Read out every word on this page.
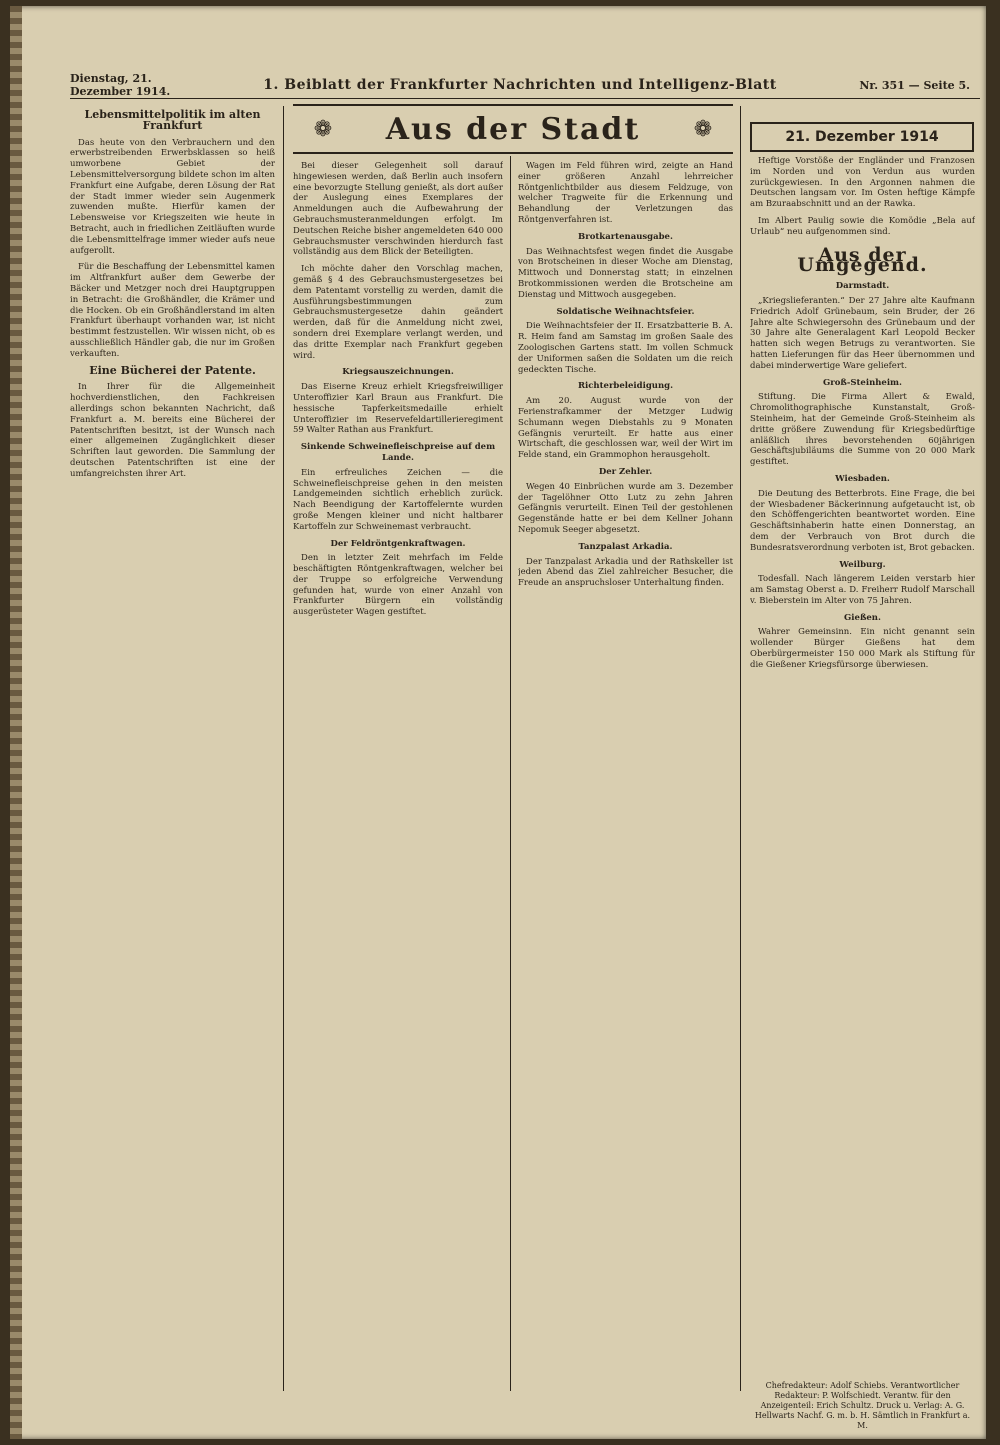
Dienstag, 21. Dezember 1914.	1. Beiblatt der Frankfurter Nachrichten und Intelligenz-Blatt	Nr. 351 — Seite 5.
❁	Aus der Stadt	❁	21. Dezember 1914
Lebensmittelpolitik im alten Frankfurt

Das heute von den Verbrauchern und den erwerbstreibenden Erwerbsklassen so heiß umworbene Gebiet der Lebensmittelversorgung bildete schon im alten Frankfurt eine Aufgabe, deren Lösung der Rat der Stadt immer wieder sein Augenmerk zuwenden mußte. Hierfür kamen der Lebensweise vor Kriegszeiten wie heute in Betracht, auch in friedlichen Zeitläuften wurde die Lebensmittelfrage immer wieder aufs neue aufgerollt.

Für die Beschaffung der Lebensmittel kamen im Altfrankfurt außer dem Gewerbe der Bäcker und Metzger noch drei Hauptgruppen in Betracht: die Großhändler, die Krämer und die Hocken. Ob ein Großhändlerstand im alten Frankfurt überhaupt vorhanden war, ist nicht bestimmt festzustellen. Wir wissen nicht, ob es ausschließlich Händler gab, die nur im Großen verkauften.

Eine Bücherei der Patente.

In Ihrer für die Allgemeinheit hochverdienstlichen, den Fachkreisen allerdings schon bekannten Nachricht, daß Frankfurt a. M. bereits eine Bücherei der Patentschriften besitzt, ist der Wunsch nach einer allgemeinen Zugänglichkeit dieser Schriften laut geworden. Die Sammlung der deutschen Patentschriften ist eine der umfangreichsten ihrer Art.

Bei dieser Gelegenheit soll darauf hingewiesen werden, daß Berlin auch insofern eine bevorzugte Stellung genießt, als dort außer der Auslegung eines Exemplares der Anmeldungen auch die Aufbewahrung der Gebrauchsmusteranmeldungen erfolgt. Im Deutschen Reiche bisher angemeldeten 640 000 Gebrauchsmuster verschwinden hierdurch fast vollständig aus dem Blick der Beteiligten.

Ich möchte daher den Vorschlag machen, gemäß § 4 des Gebrauchsmustergesetzes bei dem Patentamt vorstellig zu werden, damit die Ausführungsbestimmungen zum Gebrauchsmustergesetze dahin geändert werden, daß für die Anmeldung nicht zwei, sondern drei Exemplare verlangt werden, und das dritte Exemplar nach Frankfurt gegeben wird.

Kriegsauszeichnungen.

Das Eiserne Kreuz erhielt Kriegsfreiwilliger Unteroffizier Karl Braun aus Frankfurt. Die hessische Tapferkeitsmedaille erhielt Unteroffizier im Reservefeldartillerieregiment 59 Walter Rathan aus Frankfurt.

Sinkende Schweinefleischpreise auf dem Lande.

Ein erfreuliches Zeichen — die Schweinefleischpreise gehen in den meisten Landgemeinden sichtlich erheblich zurück. Nach Beendigung der Kartoffelernte wurden große Mengen kleiner und nicht haltbarer Kartoffeln zur Schweinemast verbraucht.

Der Feldröntgenkraftwagen.

Den in letzter Zeit mehrfach im Felde beschäftigten Röntgenkraftwagen, welcher bei der Truppe so erfolgreiche Verwendung gefunden hat, wurde von einer Anzahl von Frankfurter Bürgern ein vollständig ausgerüsteter Wagen gestiftet.

Wagen im Feld führen wird, zeigte an Hand einer größeren Anzahl lehrreicher Röntgenlichtbilder aus diesem Feldzuge, von welcher Tragweite für die Erkennung und Behandlung der Verletzungen das Röntgenverfahren ist.

Brotkartenausgabe.

Das Weihnachtsfest wegen findet die Ausgabe von Brotscheinen in dieser Woche am Dienstag, Mittwoch und Donnerstag statt; in einzelnen Brotkommissionen werden die Brotscheine am Dienstag und Mittwoch ausgegeben.

Soldatische Weihnachtsfeier.

Die Weihnachtsfeier der II. Ersatzbatterie B. A. R. Heim fand am Samstag im großen Saale des Zoologischen Gartens statt. Im vollen Schmuck der Uniformen saßen die Soldaten um die reich gedeckten Tische.

Richterbeleidigung.

Am 20. August wurde von der Ferienstrafkammer der Metzger Ludwig Schumann wegen Diebstahls zu 9 Monaten Gefängnis verurteilt. Er hatte aus einer Wirtschaft, die geschlossen war, weil der Wirt im Felde stand, ein Grammophon herausgeholt.

Der Zehler.

Wegen 40 Einbrüchen wurde am 3. Dezember der Tagelöhner Otto Lutz zu zehn Jahren Gefängnis verurteilt. Einen Teil der gestohlenen Gegenstände hatte er bei dem Kellner Johann Nepomuk Seeger abgesetzt.

Tanzpalast Arkadia.

Der Tanzpalast Arkadia und der Rathskeller ist jeden Abend das Ziel zahlreicher Besucher, die Freude an anspruchsloser Unterhaltung finden.

Heftige Vorstöße der Engländer und Franzosen im Norden und von Verdun aus wurden zurückgewiesen. In den Argonnen nahmen die Deutschen langsam vor. Im Osten heftige Kämpfe am Bzuraabschnitt und an der Rawka.

Im Albert Paulig sowie die Komödie „Bela auf Urlaub“ neu aufgenommen sind.

Aus der Umgegend.
Darmstadt.

„Kriegslieferanten.“ Der 27 Jahre alte Kaufmann Friedrich Adolf Grünebaum, sein Bruder, der 26 Jahre alte Schwiegersohn des Grünebaum und der 30 Jahre alte Generalagent Karl Leopold Becker hatten sich wegen Betrugs zu verantworten. Sie hatten Lieferungen für das Heer übernommen und dabei minderwertige Ware geliefert.

Groß-Steinheim.

Stiftung. Die Firma Allert & Ewald, Chromolithographische Kunstanstalt, Groß-Steinheim, hat der Gemeinde Groß-Steinheim als dritte größere Zuwendung für Kriegsbedürftige anläßlich ihres bevorstehenden 60jährigen Geschäftsjubiläums die Summe von 20 000 Mark gestiftet.

Wiesbaden.

Die Deutung des Betterbrots. Eine Frage, die bei der Wiesbadener Bäckerinnung aufgetaucht ist, ob den Schöffengerichten beantwortet worden. Eine Geschäftsinhaberin hatte einen Donnerstag, an dem der Verbrauch von Brot durch die Bundesratsverordnung verboten ist, Brot gebacken.

Weilburg.

Todesfall. Nach längerem Leiden verstarb hier am Samstag Oberst a. D. Freiherr Rudolf Marschall v. Bieberstein im Alter von 75 Jahren.

Gießen.

Wahrer Gemeinsinn. Ein nicht genannt sein wollender Bürger Gießens hat dem Oberbürgermeister 150 000 Mark als Stiftung für die Gießener Kriegsfürsorge überwiesen.

Chefredakteur: Adolf Schiebs. Verantwortlicher Redakteur: P. Wolfschiedt. Verantw. für den Anzeigenteil: Erich Schultz. Druck u. Verlag: A. G. Hellwarts Nachf. G. m. b. H. Sämtlich in Frankfurt a. M.
